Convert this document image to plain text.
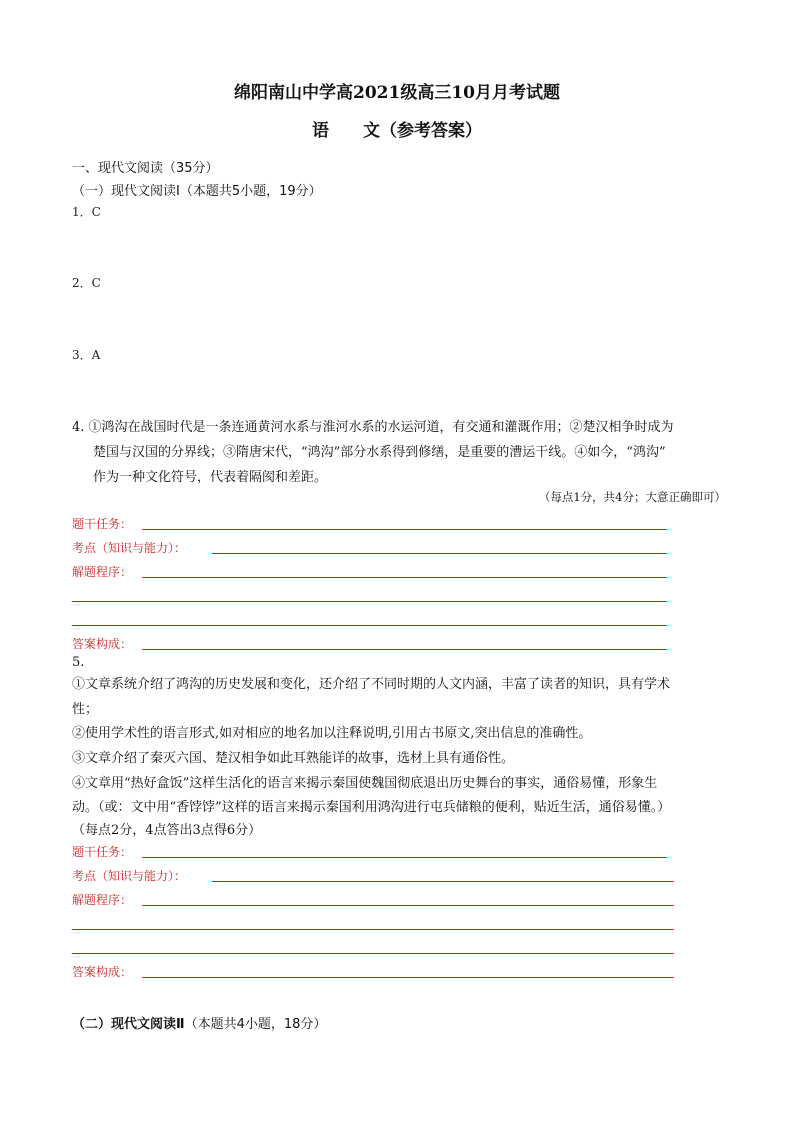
绵阳南山中学高2021级高三10月月考试题
语　　文（参考答案）
一、现代文阅读（35分）
（一）现代文阅读Ⅰ（本题共5小题，19分）
1．C
2．C
3．A
4. ①鸿沟在战国时代是一条连通黄河水系与淮河水系的水运河道，有交通和灌溉作用；②楚汉相争时成为
楚国与汉国的分界线；③隋唐宋代，“鸿沟”部分水系得到修缮，是重要的漕运干线。④如今，“鸿沟”
作为一种文化符号，代表着隔阂和差距。
（每点1分，共4分；大意正确即可）
题干任务：
考点（知识与能力）：
解题程序：
答案构成：
5.
①文章系统介绍了鸿沟的历史发展和变化，还介绍了不同时期的人文内涵，丰富了读者的知识，具有学术
性；
②使用学术性的语言形式,如对相应的地名加以注释说明,引用古书原文,突出信息的准确性。
③文章介绍了秦灭六国、楚汉相争如此耳熟能详的故事，选材上具有通俗性。
④文章用“热好盒饭”这样生活化的语言来揭示秦国使魏国彻底退出历史舞台的事实，通俗易懂，形象生
动。（或：文中用“香饽饽”这样的语言来揭示秦国利用鸿沟进行屯兵储粮的便利，贴近生活，通俗易懂。）
（每点2分，4点答出3点得6分）
题干任务：
考点（知识与能力）：
解题程序：
答案构成：
（二）现代文阅读Ⅱ（本题共4小题，18分）
